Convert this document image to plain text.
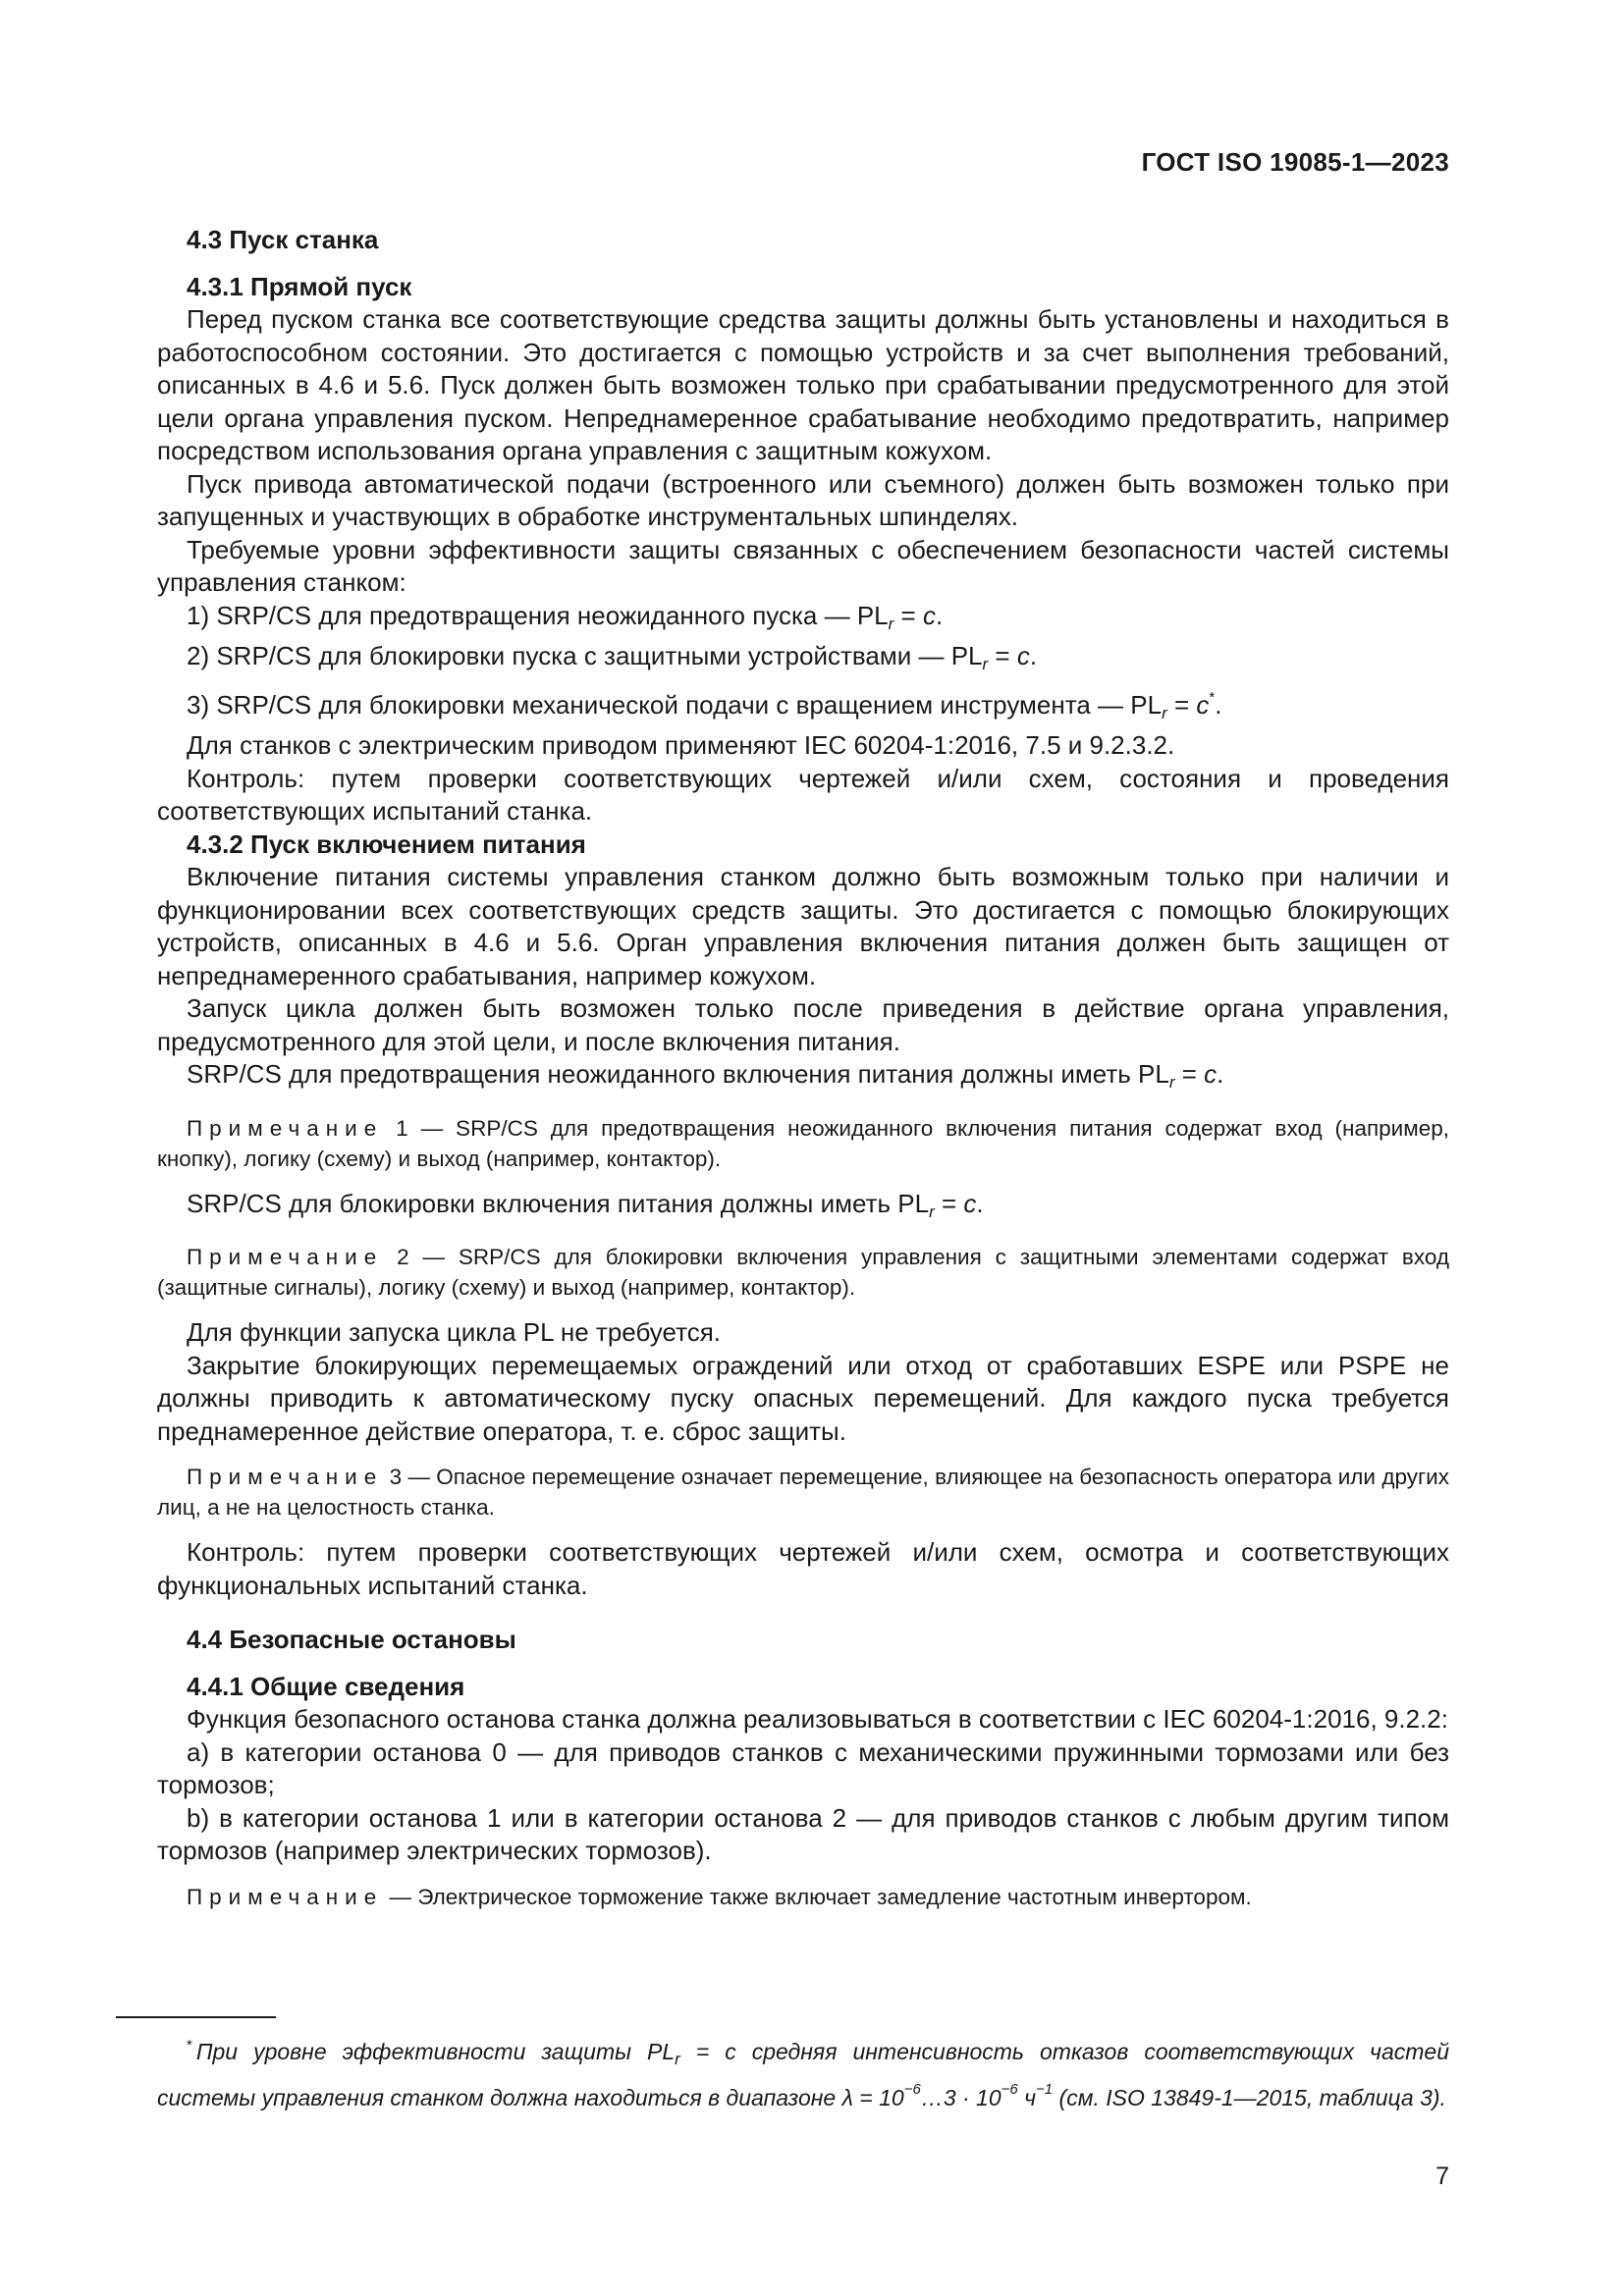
ГОСТ ISO 19085-1—2023
4.3 Пуск станка
4.3.1 Прямой пуск

Перед пуском станка все соответствующие средства защиты должны быть установлены и находиться в работоспособном состоянии. Это достигается с помощью устройств и за счет выполнения требований, описанных в 4.6 и 5.6. Пуск должен быть возможен только при срабатывании предусмотренного для этой цели органа управления пуском. Непреднамеренное срабатывание необходимо предотвратить, например посредством использования органа управления с защитным кожухом.

Пуск привода автоматической подачи (встроенного или съемного) должен быть возможен только при запущенных и участвующих в обработке инструментальных шпинделях.

Требуемые уровни эффективности защиты связанных с обеспечением безопасности частей системы управления станком:

1) SRP/CS для предотвращения неожиданного пуска — $PL_r = c$.

2) SRP/CS для блокировки пуска с защитными устройствами — $PL_r = c$.

3) SRP/CS для блокировки механической подачи с вращением инструмента — $PL_r = c^*$.

Для станков с электрическим приводом применяют IEC 60204-1:2016, 7.5 и 9.2.3.2.

Контроль: путем проверки соответствующих чертежей и/или схем, состояния и проведения соответствующих испытаний станка.

4.3.2 Пуск включением питания

Включение питания системы управления станком должно быть возможным только при наличии и функционировании всех соответствующих средств защиты. Это достигается с помощью блокирующих устройств, описанных в 4.6 и 5.6. Орган управления включения питания должен быть защищен от непреднамеренного срабатывания, например кожухом.

Запуск цикла должен быть возможен только после приведения в действие органа управления, предусмотренного для этой цели, и после включения питания.

SRP/CS для предотвращения неожиданного включения питания должны иметь $PL_r = c$.

Примечание 1 — SRP/CS для предотвращения неожиданного включения питания содержат вход (например, кнопку), логику (схему) и выход (например, контактор).

SRP/CS для блокировки включения питания должны иметь $PL_r = c$.

Примечание 2 — SRP/CS для блокировки включения управления с защитными элементами содержат вход (защитные сигналы), логику (схему) и выход (например, контактор).

Для функции запуска цикла PL не требуется.

Закрытие блокирующих перемещаемых ограждений или отход от сработавших ESPE или PSPE не должны приводить к автоматическому пуску опасных перемещений. Для каждого пуска требуется преднамеренное действие оператора, т. е. сброс защиты.

Примечание 3 — Опасное перемещение означает перемещение, влияющее на безопасность оператора или других лиц, а не на целостность станка.

Контроль: путем проверки соответствующих чертежей и/или схем, осмотра и соответствующих функциональных испытаний станка.

4.4 Безопасные остановы
4.4.1 Общие сведения

Функция безопасного останова станка должна реализовываться в соответствии с IEC 60204-1:2016, 9.2.2:

a) в категории останова 0 — для приводов станков с механическими пружинными тормозами или без тормозов;

b) в категории останова 1 или в категории останова 2 — для приводов станков с любым другим типом тормозов (например электрических тормозов).

Примечание — Электрическое торможение также включает замедление частотным инвертором.

* При уровне эффективности защиты $PL_r = c$ средняя интенсивность отказов соответствующих частей системы управления станком должна находиться в диапазоне $\lambda = 10^{-6}\dots 3 \cdot 10^{-6}$ $ч^{-1}$ (см. ISO 13849-1—2015, таблица 3).
7
